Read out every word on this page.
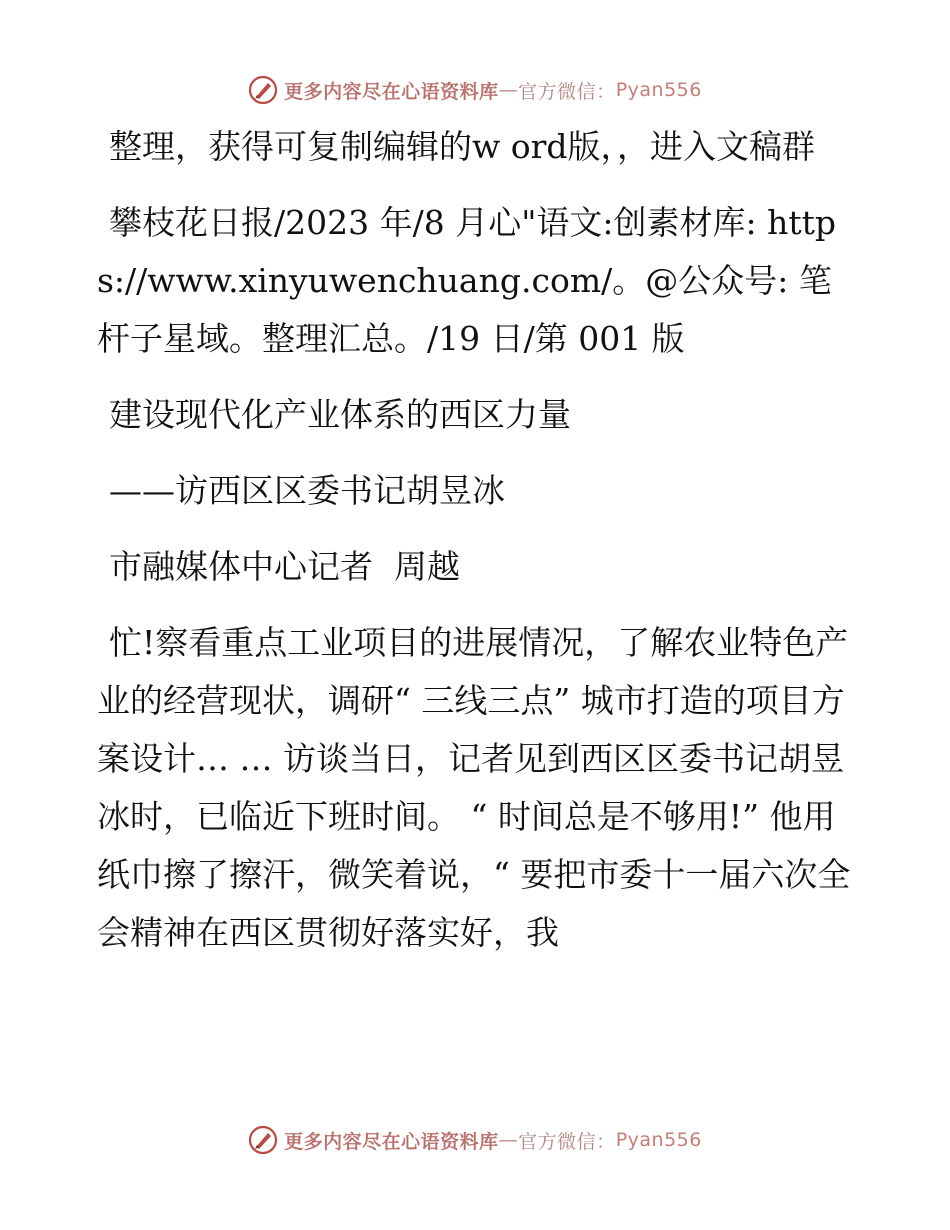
更多内容尽在心语资料库 — 官方微信： Pyan556

整理，获得可复制编辑的w ord版，，进入文稿群

攀枝花日报/2023 年/8 月心"语文:创素材库: https://www.xinyuwenchuang.com/。@公众号: 笔杆子星域。整理汇总。/19 日/第 001 版

建设现代化产业体系的西区力量

——访西区区委书记胡昱冰

市融媒体中心记者  周越

忙!察看重点工业项目的进展情况，了解农业特色产业的经营现状，调研“ 三线三点” 城市打造的项目方案设计… … 访谈当日，记者见到西区区委书记胡昱冰时，已临近下班时间。 “ 时间总是不够用!” 他用纸巾擦了擦汗，微笑着说，“ 要把市委十一届六次全会精神在西区贯彻好落实好，我

更多内容尽在心语资料库 — 官方微信： Pyan556
